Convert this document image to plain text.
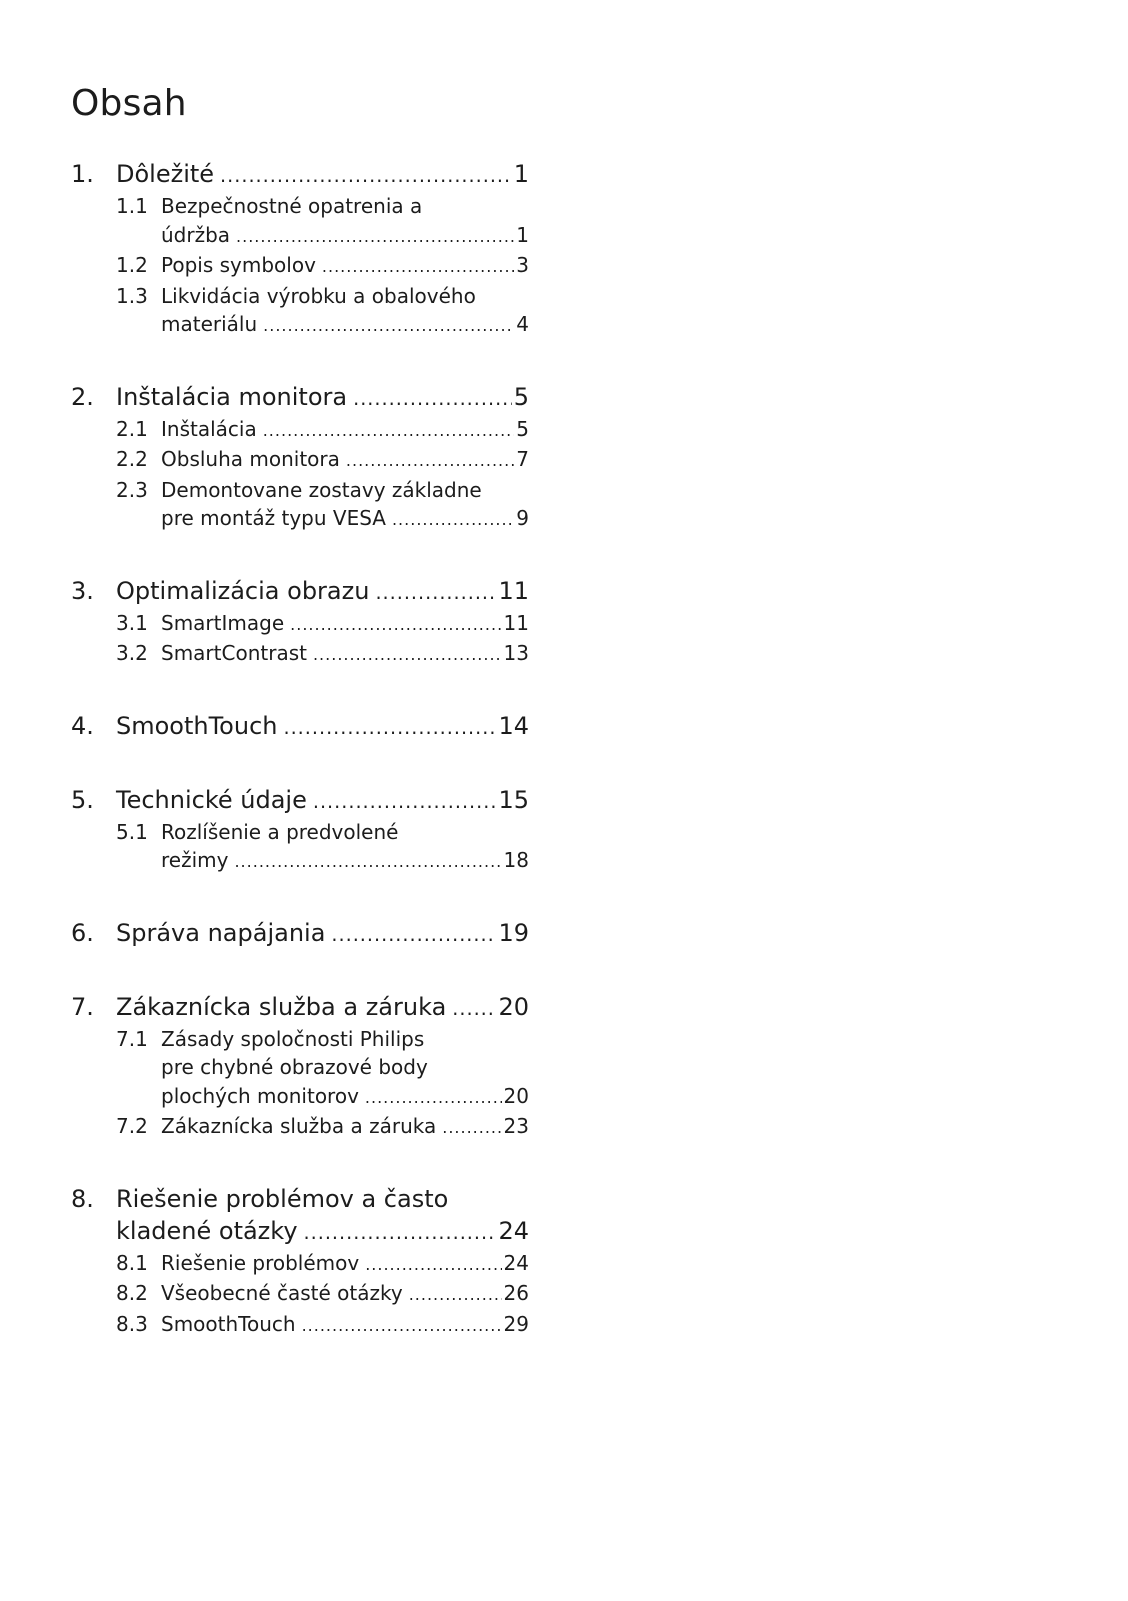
Obsah
1. Dôležité .....	1
1.1 Bezpečnostné opatrenia a
údržba .....	1
1.2 Popis symbolov .....	3
1.3 Likvidácia výrobku a obalového
materiálu .....	4
2. Inštalácia monitora .....	5
2.1 Inštalácia .....	5
2.2 Obsluha monitora .....	7
2.3 Demontovane zostavy základne
pre montáž typu VESA .....	9
3. Optimalizácia obrazu .....	11
3.1 SmartImage .....	11
3.2 SmartContrast .....	13
4. SmoothTouch .....	14
5. Technické údaje .....	15
5.1 Rozlíšenie a predvolené
režimy .....	18
6. Správa napájania .....	19
7. Zákaznícka služba a záruka ..... 20
7.1 Zásady spoločnosti Philips
pre chybné obrazové body
plochých monitorov .....	20
7.2 Zákaznícka služba a záruka .....	23
8. Riešenie problémov a často
kladené otázky .....	24
8.1 Riešenie problémov .....	24
8.2 Všeobecné časté otázky .....	26
8.3 SmoothTouch .....	29
